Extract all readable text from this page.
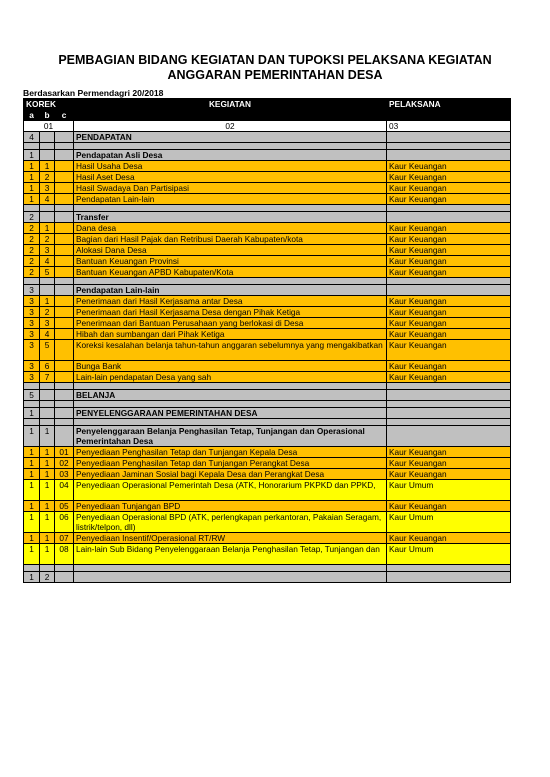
PEMBAGIAN BIDANG KEGIATAN DAN TUPOKSI PELAKSANA KEGIATAN
ANGGARAN PEMERINTAHAN DESA
Berdasarkan Permendagri 20/2018
KOREK			KEGIATAN	PELAKSANA
a	b	c		
01			02	03
4			PENDAPATAN	

1			Pendapatan Asli Desa	
1	1		Hasil Usaha Desa	Kaur Keuangan
1	2		Hasil Aset Desa	Kaur Keuangan
1	3		Hasil Swadaya Dan Partisipasi	Kaur Keuangan
1	4		Pendapatan Lain-lain	Kaur Keuangan

2			Transfer	
2	1		Dana desa	Kaur Keuangan
2	2		Bagian dari Hasil Pajak dan Retribusi Daerah Kabupaten/kota	Kaur Keuangan
2	3		Alokasi Dana Desa	Kaur Keuangan
2	4		Bantuan Keuangan Provinsi	Kaur Keuangan
2	5		Bantuan Keuangan APBD Kabupaten/Kota	Kaur Keuangan

3			Pendapatan Lain-lain	
3	1		Penerimaan dari Hasil Kerjasama antar Desa	Kaur Keuangan
3	2		Penerimaan dari Hasil Kerjasama Desa dengan Pihak Ketiga	Kaur Keuangan
3	3		Penerimaan dari Bantuan Perusahaan yang berlokasi di Desa	Kaur Keuangan
3	4		Hibah dan sumbangan dari Pihak Ketiga	Kaur Keuangan
3	5		Koreksi kesalahan belanja tahun-tahun anggaran sebelumnya yang mengakibatkan	Kaur Keuangan
3	6		Bunga Bank	Kaur Keuangan
3	7		Lain-lain pendapatan Desa yang sah	Kaur Keuangan

5			BELANJA	

1			PENYELENGGARAAN PEMERINTAHAN DESA	

1	1		Penyelenggaraan Belanja Penghasilan Tetap, Tunjangan dan Operasional Pemerintahan Desa	
1	1	01	Penyediaan Penghasilan Tetap dan Tunjangan Kepala Desa	Kaur Keuangan
1	1	02	Penyediaan Penghasilan Tetap dan Tunjangan Perangkat Desa	Kaur Keuangan
1	1	03	Penyediaan Jaminan Sosial bagi Kepala Desa dan Perangkat Desa	Kaur Keuangan
1	1	04	Penyediaan Operasional Pemerintah Desa (ATK, Honorarium PKPKD dan PPKD,	Kaur Umum
1	1	05	Penyediaan Tunjangan BPD	Kaur Keuangan
1	1	06	Penyediaan Operasional BPD (ATK, perlengkapan perkantoran, Pakaian Seragam, listrik/telpon, dll)	Kaur Umum
1	1	07	Penyediaan Insentif/Operasional RT/RW	Kaur Keuangan
1	1	08	Lain-lain Sub Bidang Penyelenggaraan Belanja Penghasilan Tetap, Tunjangan dan	Kaur Umum

1	2			
